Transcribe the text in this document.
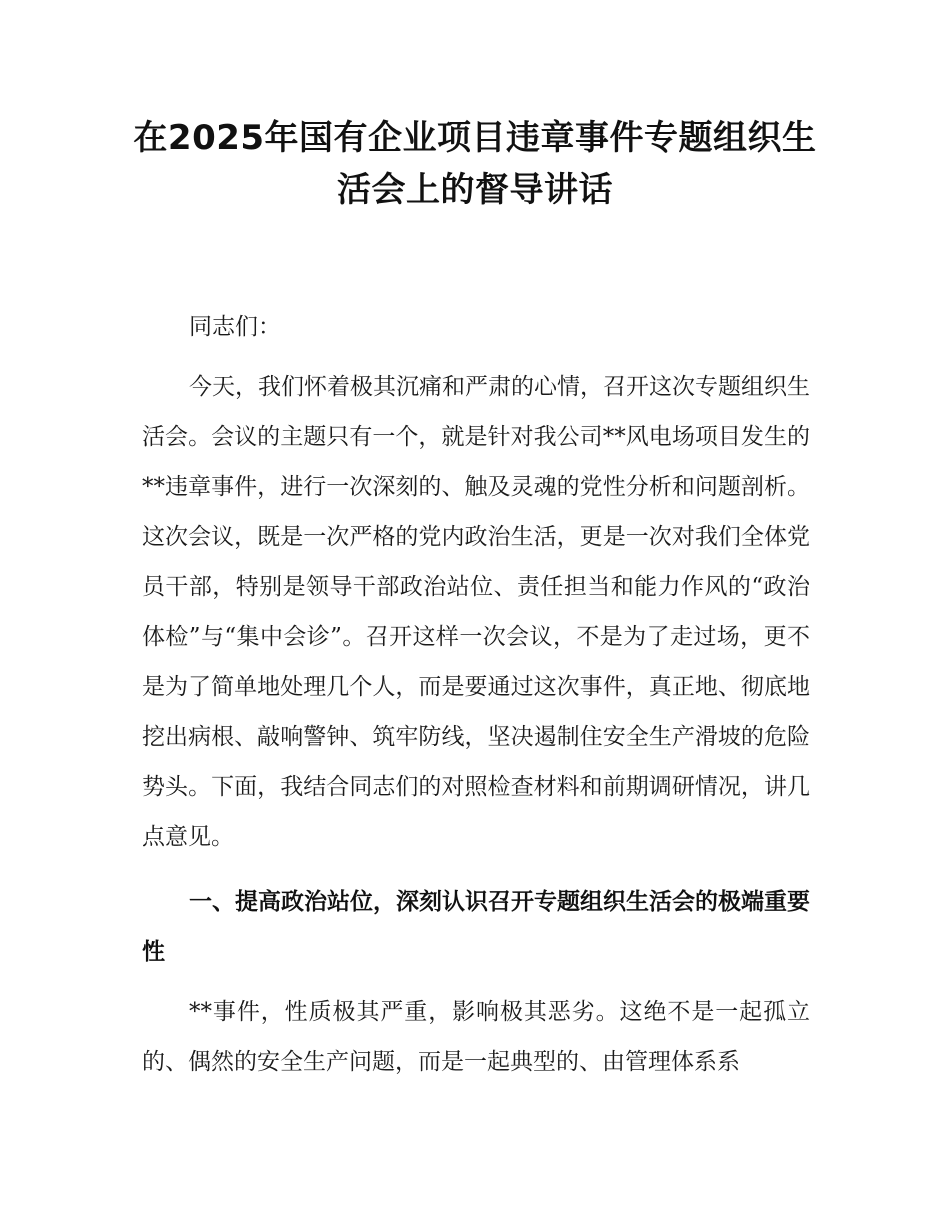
在2025年国有企业项目违章事件专题组织生
活会上的督导讲话

同志们：

今天，我们怀着极其沉痛和严肃的心情，召开这次专题组织生活会。会议的主题只有一个，就是针对我公司**风电场项目发生的**违章事件，进行一次深刻的、触及灵魂的党性分析和问题剖析。这次会议，既是一次严格的党内政治生活，更是一次对我们全体党员干部，特别是领导干部政治站位、责任担当和能力作风的“政治体检”与“集中会诊”。召开这样一次会议，不是为了走过场，更不是为了简单地处理几个人，而是要通过这次事件，真正地、彻底地挖出病根、敲响警钟、筑牢防线，坚决遏制住安全生产滑坡的危险势头。下面，我结合同志们的对照检查材料和前期调研情况，讲几点意见。

一、提高政治站位，深刻认识召开专题组织生活会的极端重要性

**事件，性质极其严重，影响极其恶劣。这绝不是一起孤立的、偶然的安全生产问题，而是一起典型的、由管理体系系
